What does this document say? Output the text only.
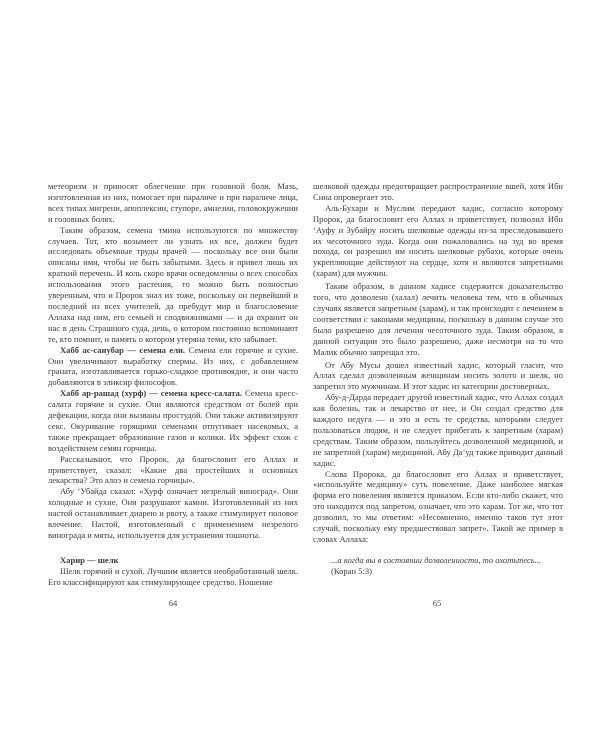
метеоризм и приносят облегчение при головной боли. Мазь, изготовленная из них, помогает при параличе и при параличе лица, всех типах мигрени, апоплексии, ступоре, амнезии, головокружении и головных болях.

Таким образом, семена тмина используются по множеству случаев. Тот, кто возымеет ли узнать их все, должен будет исследовать объемные труды врачей — поскольку все они были описаны ими, чтобы не быть забытыми. Здесь я привел лишь их краткий перечень. И коль скоро врачи осведомлены о всех способах использования этого растения, то можно быть полностью уверенным, что и Пророк знал их тоже, поскольку он первейший и последний из всех учителей, да пребудут мир и благословение Аллаха над ним, его семьей и сподвижниками — и да охранит он нас в день Страшного суда, день, о котором постоянно вспоминают те, кто помнит, и память о котором утеряна теми, кто забывает.

Хабб ас-санубар — семена ели. Семена ели горячие и сухие. Они увеличивают выработку спермы. Из них, с добавлением граната, изготавливается горько-сладкое противоядие, и они часто добавляются в эликсир философов.

Хабб ар-рашад (хурф) — семена кресс-салата. Семена кресс-салата горячие и сухие. Они являются средством от болей при дефекации, когда они вызваны простудой. Они также активизируют секс. Окуривание горящими семенами отпугивает насекомых, а также прекращает образование газов и колики. Их эффект схож с воздействием семян горчицы.

Рассказывают, что Пророк, да благословит его Аллах и приветствует, сказал: «Какие два простейших и основных лекарства? Это алоэ и семена горчицы».

Абу ‘Убайда сказал: «Хурф означает незрелый виноград». Они холодные и сухие. Они разрушают камни. Изготовленный из них настой останавливает диарею и рвоту, а также стимулирует половое влечение. Настой, изготовленный с применением незрелого винограда и мяты, используется для устранения тошноты.

Харир — шелк

Шелк горячий и сухой. Лучшим является необработанный шелк. Его классифицируют как стимулирующее средство. Ношение

64

шелковой одежды предотвращает распространение вшей, хотя Ибн Сина опровергает это.

Аль-Бухари и Муслим передают хадис, согласно которому Пророк, да благословит его Аллах и приветствует, позволил Ибн ‘Ауфу и Зубайру носить шелковые одежды из-за преследовавшего их чесоточного зуда. Когда они пожаловались на зуд во время похода, он разрешил им носить шелковые рубахи, которые очень укрепляющие действуют на сердце, хотя и являются запретными (харам) для мужчин.

Таким образом, в данном хадисе содержится доказательство того, что дозволено (халал) лечить человека тем, что в обычных случаях является запретным (харам), и так происходит с лечением в соответствии с законами медицины, поскольку в данном случае это было разрешено для лечения чесоточного зуда. Таким образом, в данной ситуации это было разрешено, даже несмотря на то что Малик обычно запрещал это.

От Абу Мусы дошел известный хадис, который гласит, что Аллах сделал дозволенным женщинам носить золото и шелк, но запретил это мужчинам. И этот хадис из категории достоверных.

Абу-д-Дарда передает другой известный хадис, что Аллах создал как болезнь, так и лекарство от нее, и Он создал средство для каждого недуга — и это и есть те средства, которыми следует пользоваться людям, и не следует прибегать к запретным (харам) средствам. Таким образом, пользуйтесь дозволенной медициной, и не запретной (харам) медициной. Абу Да’уд также приводит данный хадис.

Слова Пророка, да благословит его Аллах и приветствует, «используйте медицину» суть повеление. Даже наиболее мягкая форма его повеления является приказом. Если кто-либо скажет, что это находится под запретом, означает, что это харам. Тот же, что тот дозволил, то мы ответим: «Несомненно, именно таков тут этот случай, поскольку ему предшествовал запрет». Такой же пример в словах Аллаха:

...а когда вы в состоянии дозволенности, то охотьтесь...
(Коран 5:3)
65
